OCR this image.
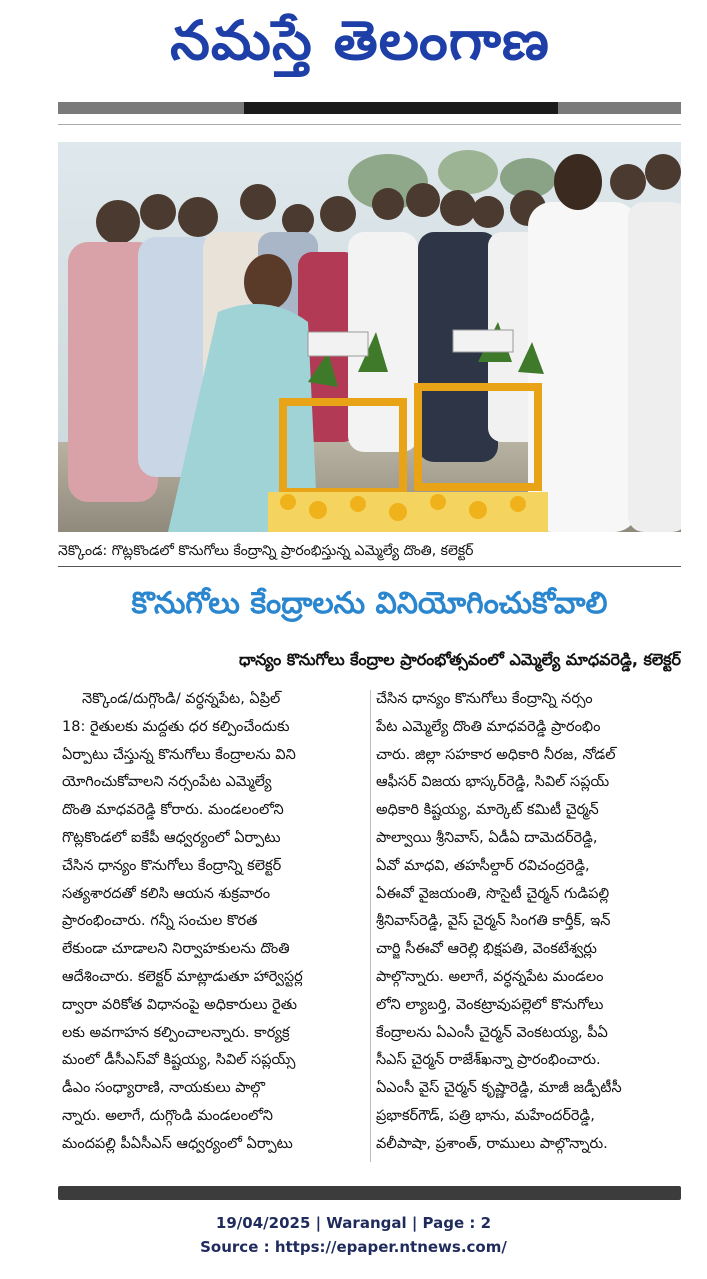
నమస్తే తెలంగాణ
నెక్కొండ: గొట్లకొండలో కొనుగోలు కేంద్రాన్ని ప్రారంభిస్తున్న ఎమ్మెల్యే దొంతి, కలెక్టర్
కొనుగోలు కేంద్రాలను వినియోగించుకోవాలి
ధాన్యం కొనుగోలు కేంద్రాల ప్రారంభోత్సవంలో ఎమ్మెల్యే మాధవరెడ్డి, కలెక్టర్
నెక్కొండ/దుగ్గొండి/ వర్ధన్నపేట, ఏప్రిల్
18: రైతులకు మద్దతు ధర కల్పించేందుకు
ఏర్పాటు చేస్తున్న కొనుగోలు కేంద్రాలను విని
యోగించుకోవాలని నర్సంపేట ఎమ్మెల్యే
దొంతి మాధవరెడ్డి కోరారు. మండలంలోని
గొట్లకొండలో ఐకేపీ ఆధ్వర్యంలో ఏర్పాటు
చేసిన ధాన్యం కొనుగోలు కేంద్రాన్ని కలెక్టర్
సత్యశారదతో కలిసి ఆయన శుక్రవారం
ప్రారంభించారు. గన్నీ సంచుల కొరత
లేకుండా చూడాలని నిర్వాహకులను దొంతి
ఆదేశించారు. కలెక్టర్ మాట్లాడుతూ హార్వెస్టర్ల
ద్వారా వరికోత విధానంపై అధికారులు రైతు
లకు అవగాహన కల్పించాలన్నారు. కార్యక్ర
మంలో డీసీఎస్‌వో కిష్టయ్య, సివిల్ సప్లయ్స్
డీఎం సంధ్యారాణి, నాయకులు పాల్గొ
న్నారు. అలాగే, దుగ్గొండి మండలంలోని
మందపల్లి పీఏసీఎస్ ఆధ్వర్యంలో ఏర్పాటు
చేసిన ధాన్యం కొనుగోలు కేంద్రాన్ని నర్సం
పేట ఎమ్మెల్యే దొంతి మాధవరెడ్డి ప్రారంభిం
చారు. జిల్లా సహకార అధికారి నీరజ, నోడల్
ఆఫీసర్ విజయ భాస్కర్‌రెడ్డి, సివిల్ సప్లయ్
అధికారి కిష్టయ్య, మార్కెట్ కమిటీ చైర్మన్
పాల్వాయి శ్రీనివాస్, ఏడీఏ దామెదర్‌రెడ్డి,
ఏవో మాధవి, తహసీల్దార్ రవిచంద్రరెడ్డి,
ఏఈవో వైజయంతి, సొసైటీ చైర్మన్ గుడిపల్లి
శ్రీనివాస్‌రెడ్డి, వైస్ చైర్మన్ సింగతి కార్తీక్, ఇన్
చార్జి సీఈవో ఆరెల్లి భిక్షపతి, వెంకటేశ్వర్లు
పాల్గొన్నారు. అలాగే, వర్ధన్నపేట మండలం
లోని ల్యాబర్తి, వెంకట్రావుపల్లెలో కొనుగోలు
కేంద్రాలను ఏఎంసీ చైర్మన్ వెంకటయ్య, పీఏ
సీఎస్ చైర్మన్ రాజేశ్‌ఖన్నా ప్రారంభించారు.
ఏఎంసీ వైస్ చైర్మన్ కృష్ణారెడ్డి, మాజీ జడ్పీటీసీ
ప్రభాకర్‌గౌడ్, పత్రి భాను, మహేందర్‌రెడ్డి,
వలీపాషా, ప్రశాంత్, రాములు పాల్గొన్నారు.
19/04/2025 | Warangal | Page : 2
Source : https://epaper.ntnews.com/
